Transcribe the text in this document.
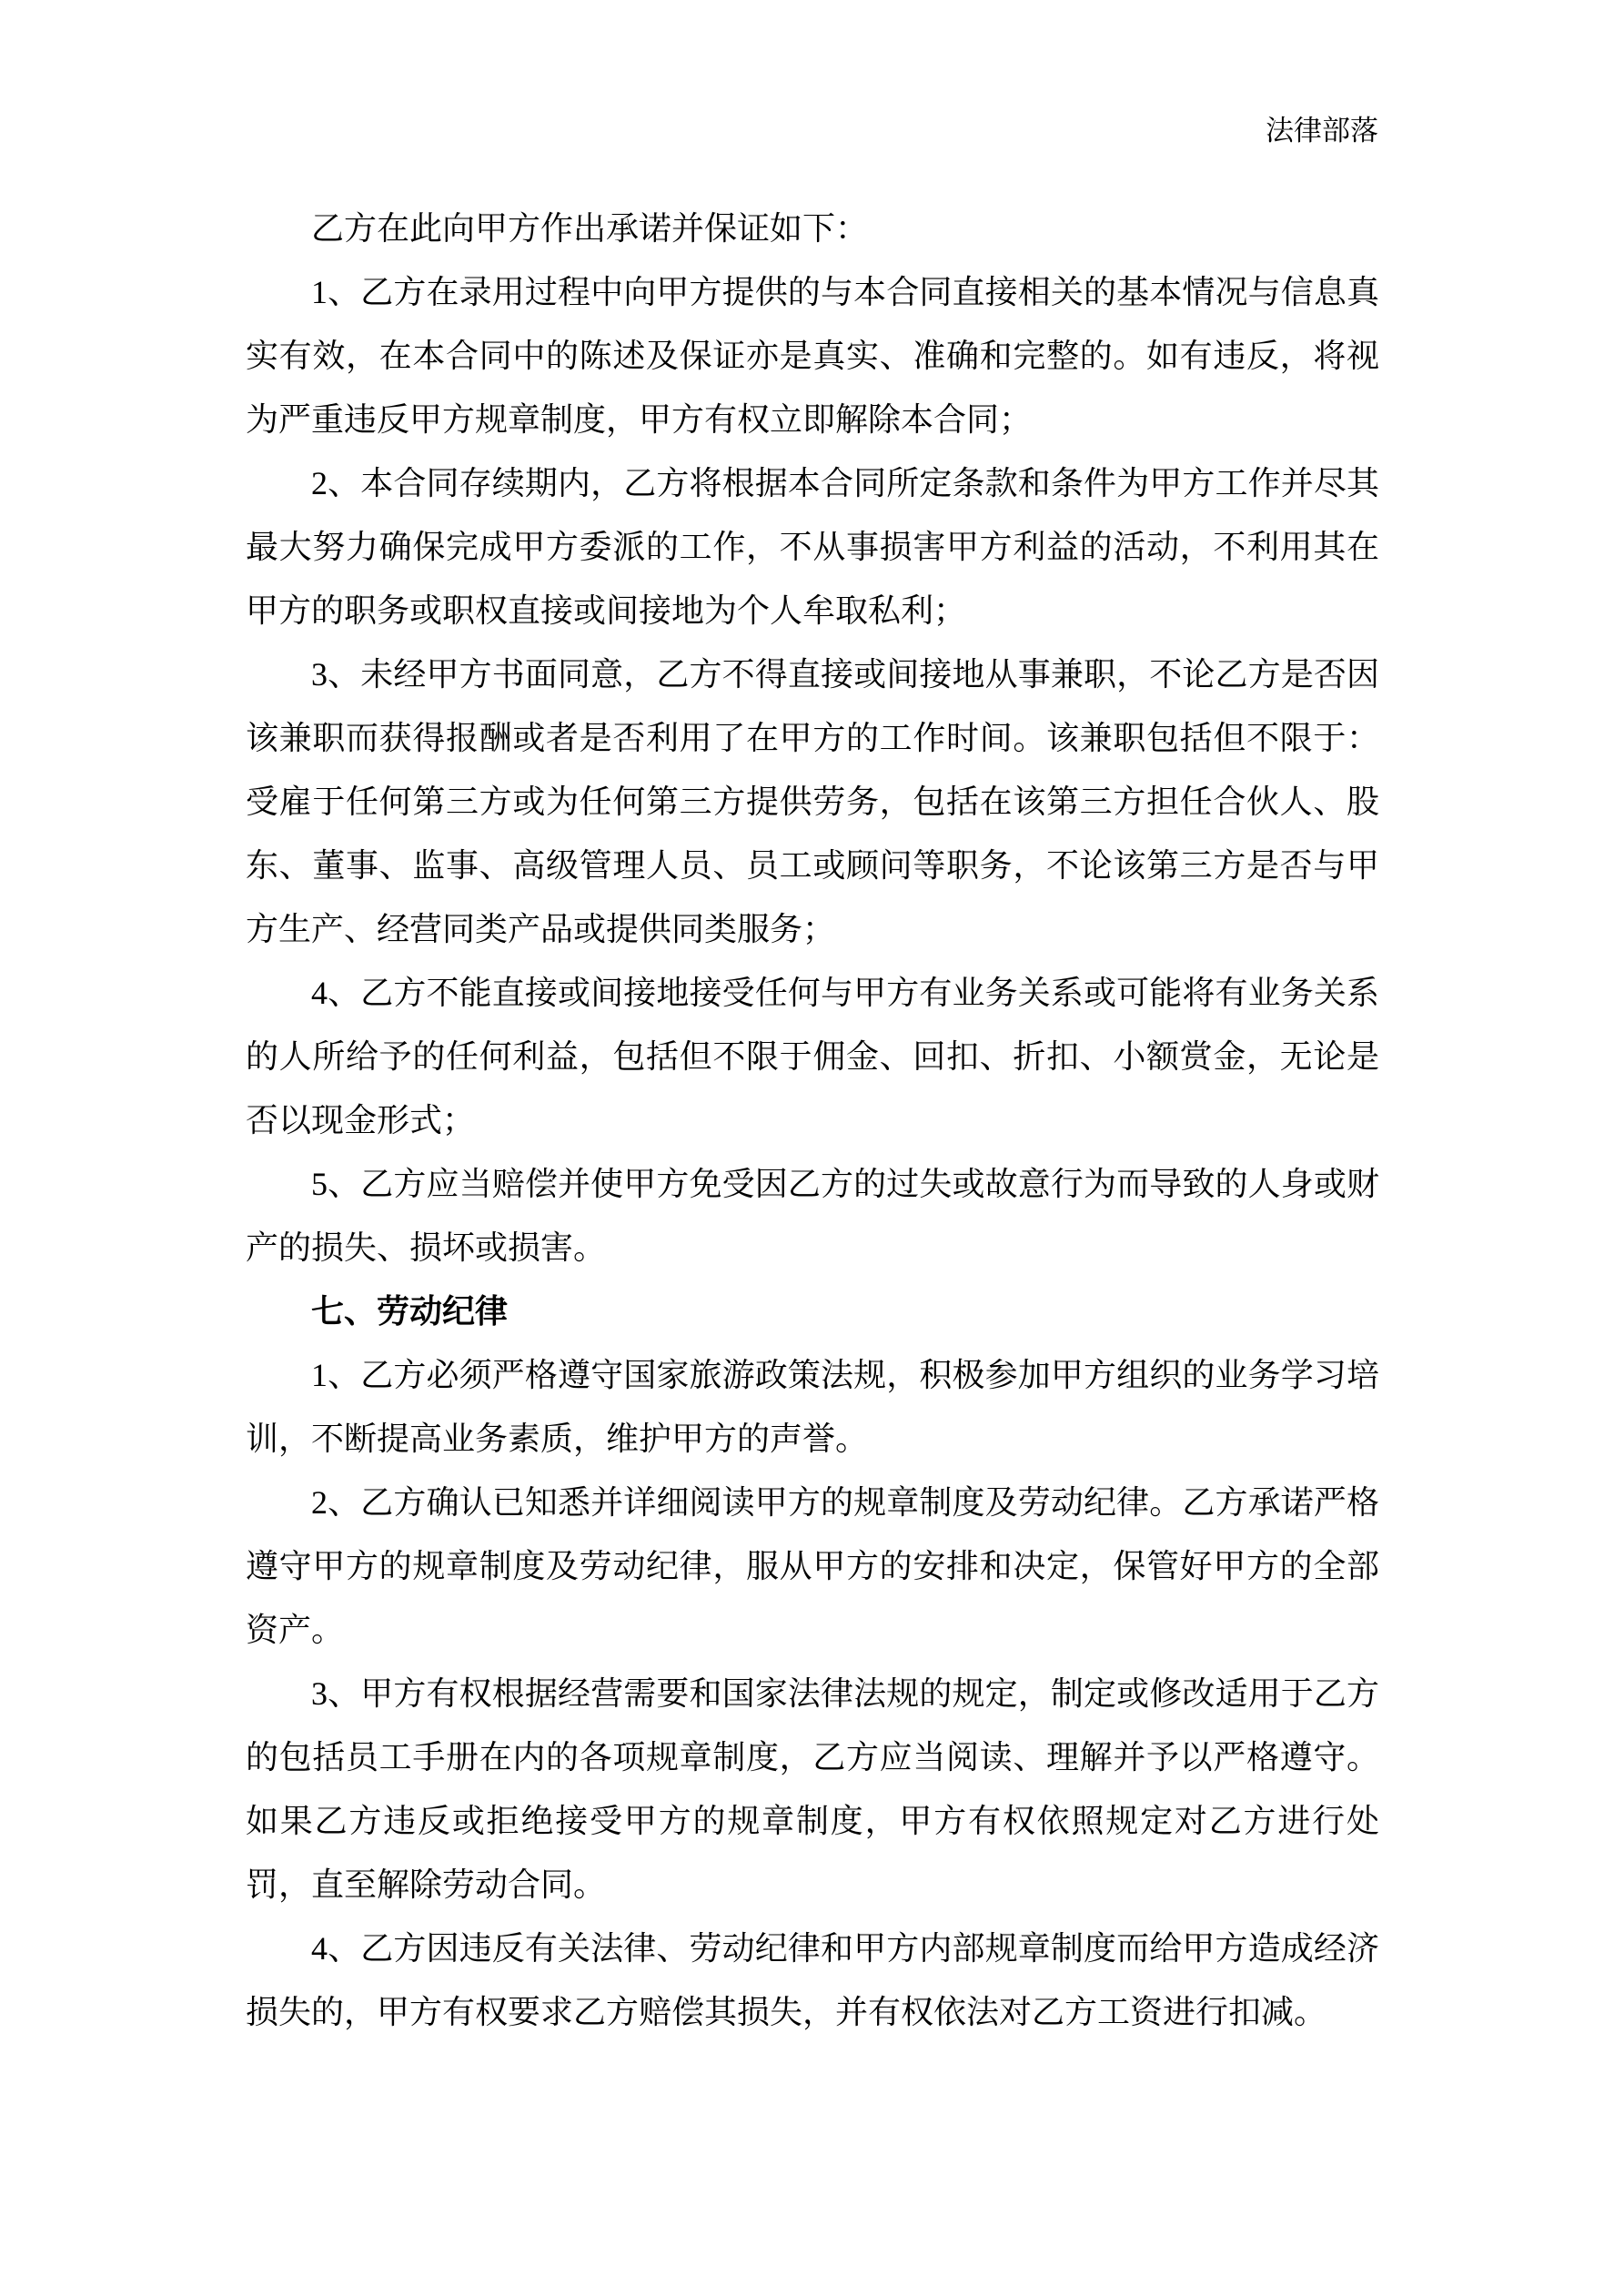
法律部落

乙方在此向甲方作出承诺并保证如下：

1、乙方在录用过程中向甲方提供的与本合同直接相关的基本情况与信息真实有效，在本合同中的陈述及保证亦是真实、准确和完整的。如有违反，将视为严重违反甲方规章制度，甲方有权立即解除本合同；

2、本合同存续期内，乙方将根据本合同所定条款和条件为甲方工作并尽其最大努力确保完成甲方委派的工作，不从事损害甲方利益的活动，不利用其在甲方的职务或职权直接或间接地为个人牟取私利；

3、未经甲方书面同意，乙方不得直接或间接地从事兼职，不论乙方是否因该兼职而获得报酬或者是否利用了在甲方的工作时间。该兼职包括但不限于：受雇于任何第三方或为任何第三方提供劳务，包括在该第三方担任合伙人、股东、董事、监事、高级管理人员、员工或顾问等职务，不论该第三方是否与甲方生产、经营同类产品或提供同类服务；

4、乙方不能直接或间接地接受任何与甲方有业务关系或可能将有业务关系的人所给予的任何利益，包括但不限于佣金、回扣、折扣、小额赏金，无论是否以现金形式；

5、乙方应当赔偿并使甲方免受因乙方的过失或故意行为而导致的人身或财产的损失、损坏或损害。

七、劳动纪律

1、乙方必须严格遵守国家旅游政策法规，积极参加甲方组织的业务学习培训，不断提高业务素质，维护甲方的声誉。

2、乙方确认已知悉并详细阅读甲方的规章制度及劳动纪律。乙方承诺严格遵守甲方的规章制度及劳动纪律，服从甲方的安排和决定，保管好甲方的全部资产。

3、甲方有权根据经营需要和国家法律法规的规定，制定或修改适用于乙方的包括员工手册在内的各项规章制度，乙方应当阅读、理解并予以严格遵守。如果乙方违反或拒绝接受甲方的规章制度，甲方有权依照规定对乙方进行处罚，直至解除劳动合同。

4、乙方因违反有关法律、劳动纪律和甲方内部规章制度而给甲方造成经济损失的，甲方有权要求乙方赔偿其损失，并有权依法对乙方工资进行扣减。
